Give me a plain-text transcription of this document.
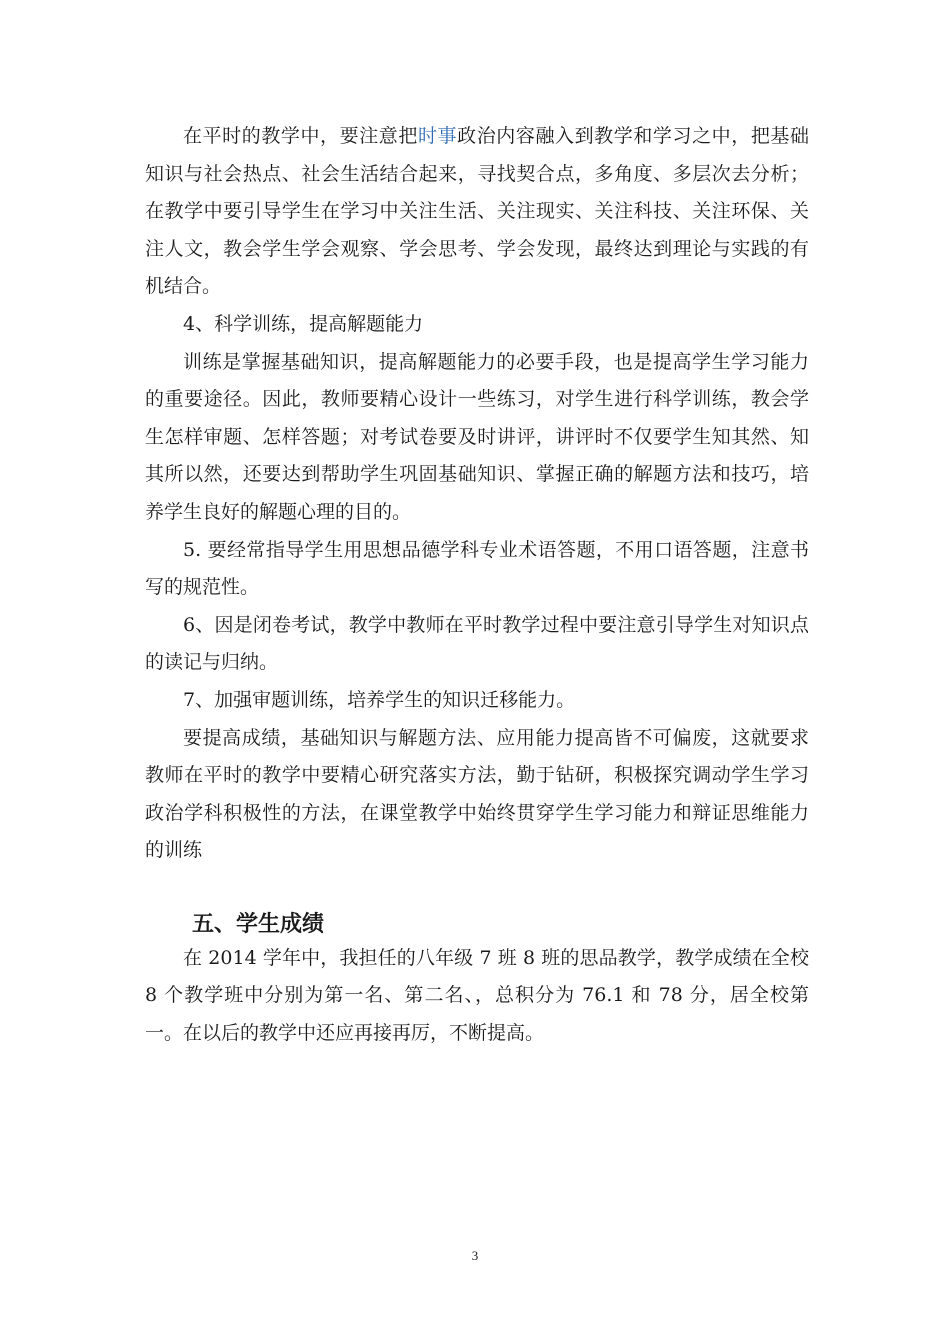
在平时的教学中，要注意把时事政治内容融入到教学和学习之中，把基础知识与社会热点、社会生活结合起来，寻找契合点，多角度、多层次去分析；在教学中要引导学生在学习中关注生活、关注现实、关注科技、关注环保、关注人文，教会学生学会观察、学会思考、学会发现，最终达到理论与实践的有机结合。

4、科学训练，提高解题能力

训练是掌握基础知识，提高解题能力的必要手段，也是提高学生学习能力的重要途径。因此，教师要精心设计一些练习，对学生进行科学训练，教会学生怎样审题、怎样答题；对考试卷要及时讲评，讲评时不仅要学生知其然、知其所以然，还要达到帮助学生巩固基础知识、掌握正确的解题方法和技巧，培养学生良好的解题心理的目的。

5. 要经常指导学生用思想品德学科专业术语答题，不用口语答题，注意书写的规范性。

6、因是闭卷考试，教学中教师在平时教学过程中要注意引导学生对知识点的读记与归纳。

7、加强审题训练，培养学生的知识迁移能力。

要提高成绩，基础知识与解题方法、应用能力提高皆不可偏废，这就要求教师在平时的教学中要精心研究落实方法，勤于钻研，积极探究调动学生学习政治学科积极性的方法，在课堂教学中始终贯穿学生学习能力和辩证思维能力的训练

五、学生成绩

在 2014 学年中，我担任的八年级 7 班 8 班的思品教学，教学成绩在全校 8 个教学班中分别为第一名、第二名、，总积分为 76.1 和 78 分，居全校第一。在以后的教学中还应再接再厉，不断提高。

3
